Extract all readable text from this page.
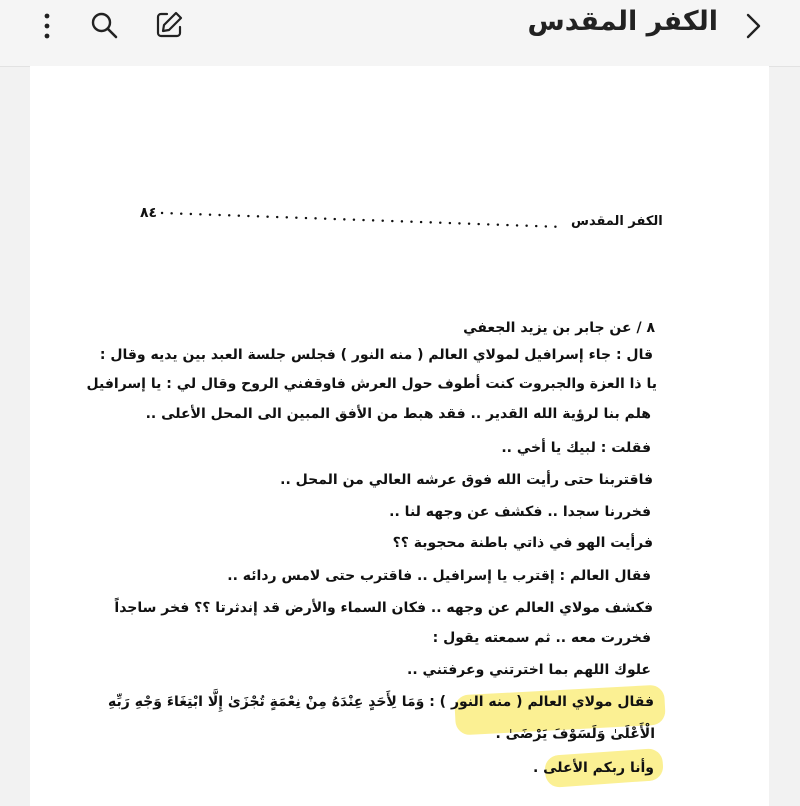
الكفر المقدس
الكفر المقدس
٨٤
٨ / عن جابر بن يزيد الجعفي
قال : جاء إسرافيل لمولاي العالم ( منه النور ) فجلس جلسة العبد بين يديه وقال :
يا ذا العزة والجبروت كنت أطوف حول العرش فاوقفني الروح وقال لي : يا إسرافيل
هلم بنا لرؤية الله القدير .. فقد هبط من الأفق المبين الى المحل الأعلى ..
فقلت : لبيك يا أخي ..
فاقتربنا حتى رأيت الله فوق عرشه العالي من المحل ..
فخررنا سجدا .. فكشف عن وجهه لنا ..
فرأيت الهو في ذاتي باطنة محجوبة ؟؟
فقال العالم : إقترب يا إسرافيل .. فاقترب حتى لامس ردائه ..
فكشف مولاي العالم عن وجهه .. فكان السماء والأرض قد إندثرتا ؟؟ فخر ساجداً
فخررت معه .. ثم سمعته يقول :
علوك اللهم بما اخترتني وعرفتني ..
فقال مولاي العالم ( منه النور ) : وَمَا لِأَحَدٍ عِنْدَهُ مِنْ نِعْمَةٍ تُجْزَىٰ إِلَّا ابْتِغَاءَ وَجْهِ رَبِّهِ
الْأَعْلَىٰ وَلَسَوْفَ يَرْضَىٰ .
وأنا ربكم الأعلى .
